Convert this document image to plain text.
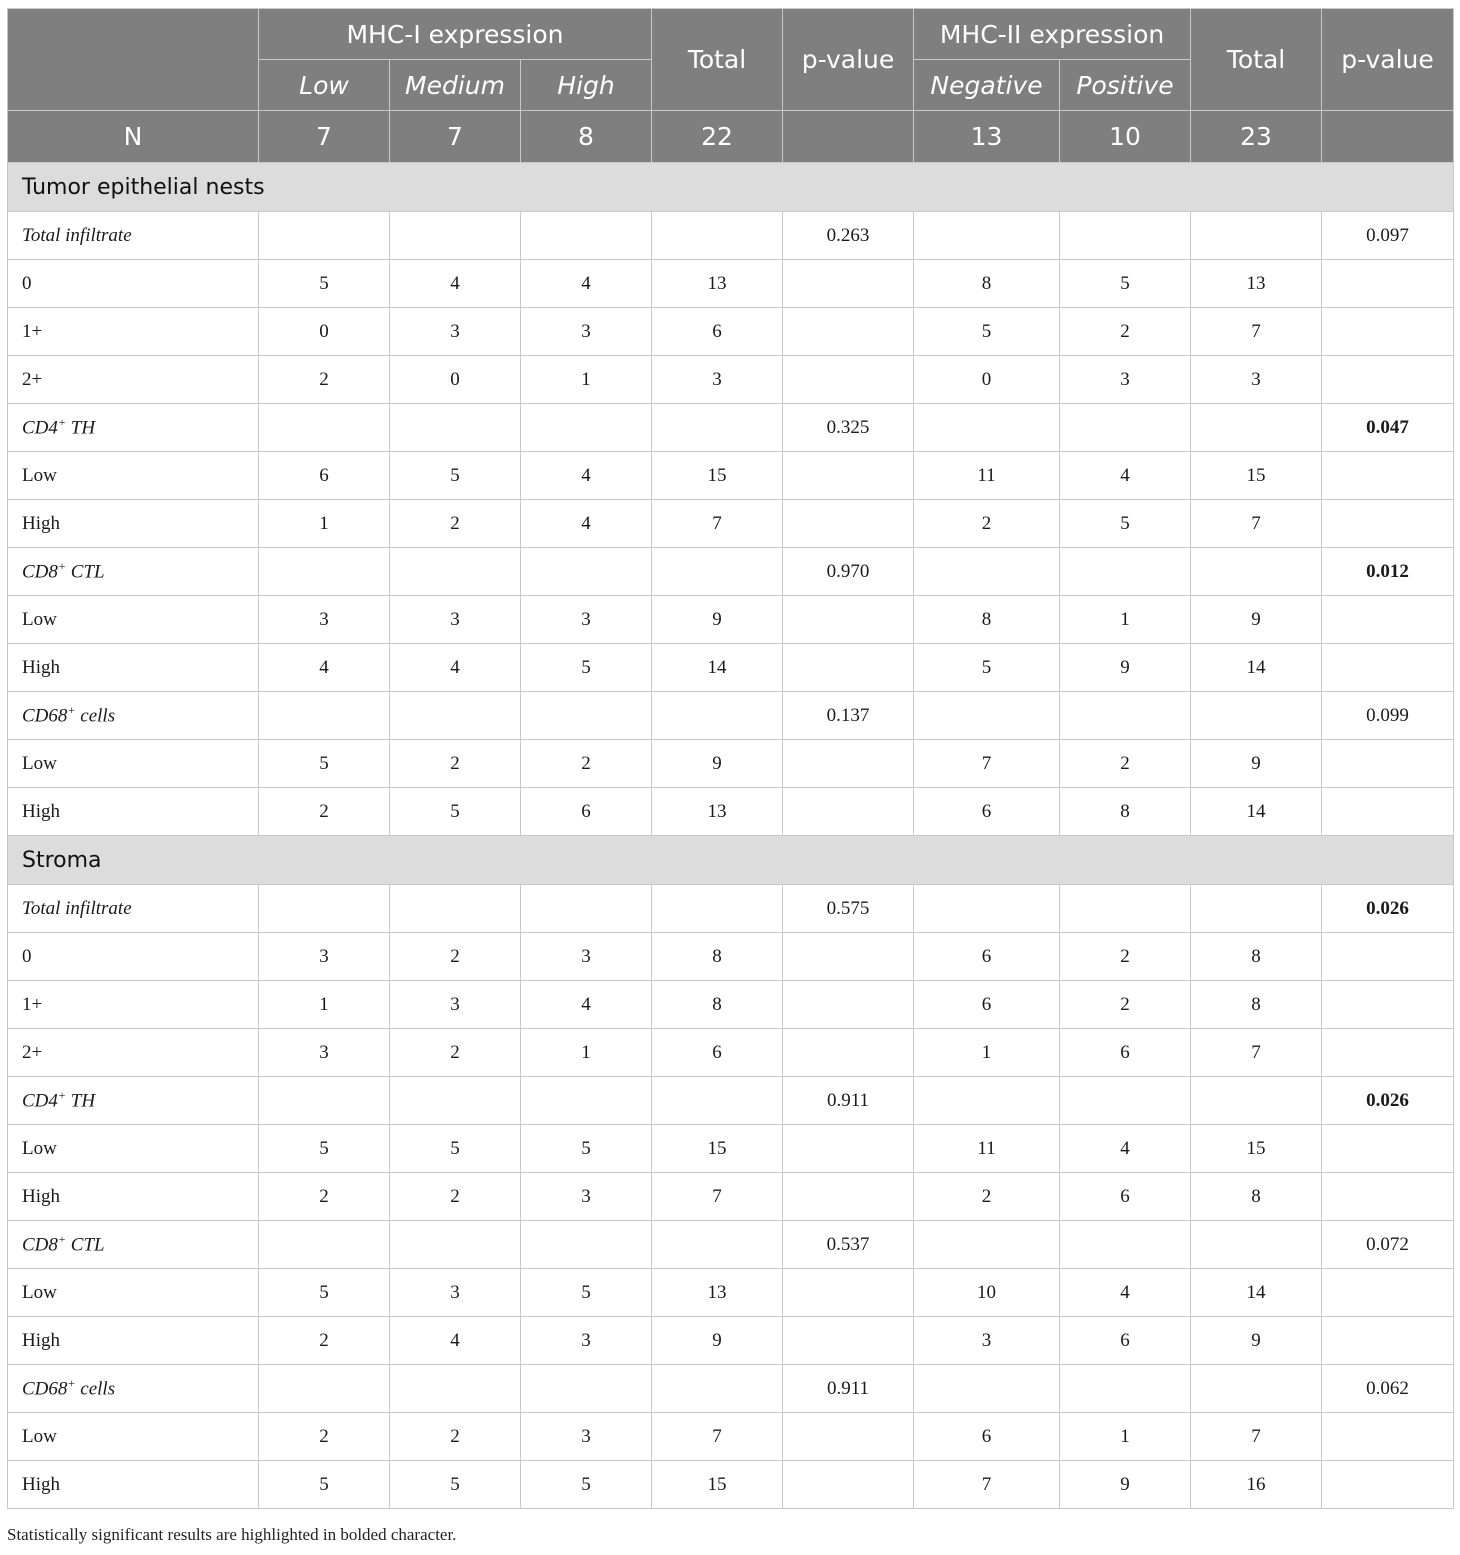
	MHC-I expression			Total	p-value	MHC-II expression		Total	p-value
	Low	Medium	High			Negative	Positive		
N	7	7	8	22		13	10	23	
Tumor epithelial nests									
Total infiltrate					0.263				0.097
0	5	4	4	13		8	5	13	
1+	0	3	3	6		5	2	7	
2+	2	0	1	3		0	3	3	
CD4+ TH					0.325				0.047
Low	6	5	4	15		11	4	15	
High	1	2	4	7		2	5	7	
CD8+ CTL					0.970				0.012
Low	3	3	3	9		8	1	9	
High	4	4	5	14		5	9	14	
CD68+ cells					0.137				0.099
Low	5	2	2	9		7	2	9	
High	2	5	6	13		6	8	14	
Stroma									
Total infiltrate					0.575				0.026
0	3	2	3	8		6	2	8	
1+	1	3	4	8		6	2	8	
2+	3	2	1	6		1	6	7	
CD4+ TH					0.911				0.026
Low	5	5	5	15		11	4	15	
High	2	2	3	7		2	6	8	
CD8+ CTL					0.537				0.072
Low	5	3	5	13		10	4	14	
High	2	4	3	9		3	6	9	
CD68+ cells					0.911				0.062
Low	2	2	3	7		6	1	7	
High	5	5	5	15		7	9	16	
Statistically significant results are highlighted in bolded character.
